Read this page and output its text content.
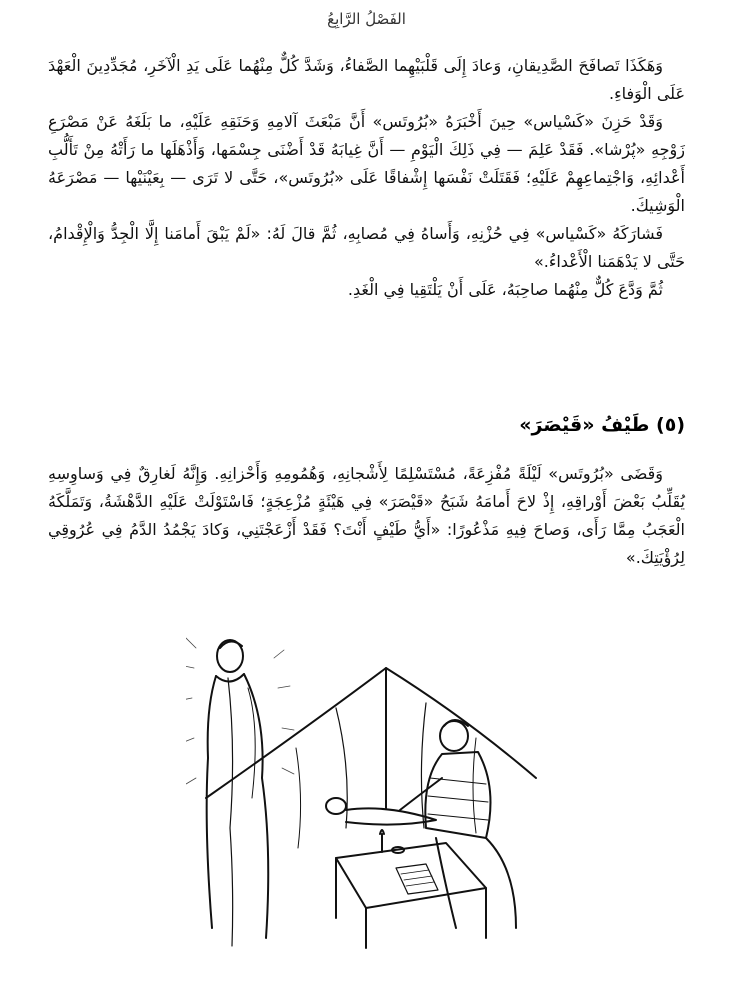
الفَصْلُ الرَّابِعُ

وَهَكَذَا تَصافَحَ الصَّدِيقانِ، وَعادَ إِلَى قَلْبَيْهِما الصَّفاءُ، وَشَدَّ كُلٌّ مِنْهُما عَلَى يَدِ الْآخَرِ، مُجَدِّدِينَ الْعَهْدَ عَلَى الْوَفاءِ.

وَقَدْ حَزِنَ «كَسْياس» حِينَ أَخْبَرَهُ «بُرُوتَس» أَنَّ مَبْعَثَ آلامِهِ وَحَنَقِهِ عَلَيْهِ، ما بَلَغَهُ عَنْ مَصْرَعِ زَوْجِهِ «پُرْشا». فَقَدْ عَلِمَ — فِي ذَلِكَ الْيَوْمِ — أَنَّ غِيابَهُ قَدْ أَضْنَى جِسْمَها، وَأَذْهَلَها ما رَأَتْهُ مِنْ تَأَلُّبِ أَعْدائِهِ، وَاجْتِماعِهِمْ عَلَيْهِ؛ فَقَتَلَتْ نَفْسَها إِشْفاقًا عَلَى «بُرُوتَس»، حَتَّى لا تَرَى — بِعَيْنَيْها — مَصْرَعَهُ الْوَشِيكَ.

فَشارَكَهُ «كَسْياس» فِي حُزْنِهِ، وَأَساهُ فِي مُصابِهِ، ثُمَّ قالَ لَهُ: «لَمْ يَبْقَ أَمامَنا إِلَّا الْجِدُّ وَالْإِقْدامُ، حَتَّى لا يَدْهَمَنا الْأَعْداءُ.»

ثُمَّ وَدَّعَ كُلٌّ مِنْهُما صاحِبَهُ، عَلَى أَنْ يَلْتَقِيا فِي الْغَدِ.

(٥) طَيْفُ «قَيْصَرَ»

وَقَضَى «بُرُوتَس» لَيْلَةً مُفْزِعَةً، مُسْتَسْلِمًا لِأَشْجانِهِ، وَهُمُومِهِ وَأَحْزانِهِ. وَإِنَّهُ لَغارِقٌ فِي وَساوِسِهِ يُقَلِّبُ بَعْضَ أَوْراقِهِ، إِذْ لاحَ أَمامَهُ شَبَحُ «قَيْصَرَ» فِي هَيْئَةٍ مُزْعِجَةٍ؛ فَاسْتَوْلَتْ عَلَيْهِ الدَّهْشَةُ، وَتَمَلَّكَهُ الْعَجَبُ مِمَّا رَأَى، وَصاحَ فِيهِ مَذْعُورًا: «أَيُّ طَيْفٍ أَنْتَ؟ فَقَدْ أَزْعَجْتَنِي، وَكادَ يَجْمُدُ الدَّمُ فِي عُرُوقِي لِرُؤْيَتِكَ.»
